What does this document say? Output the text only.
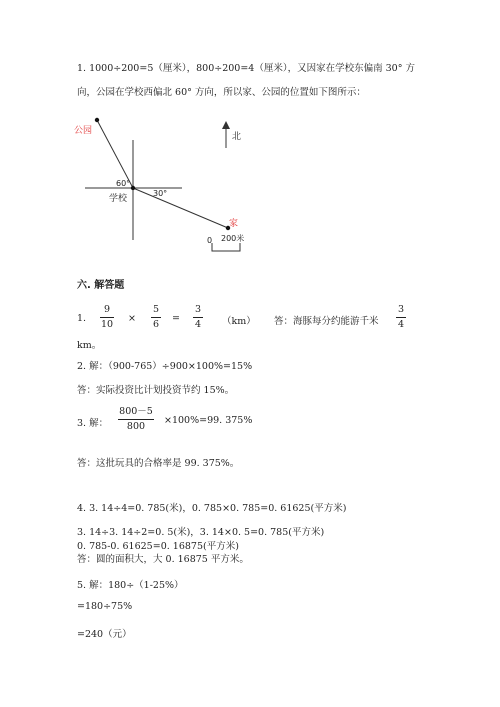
1. 1000÷200=5（厘米），800÷200=4（厘米），又因家在学校东偏南 30° 方
向，公园在学校西偏北 60° 方向，所以家、公园的位置如下图所示：
公园
北
60°
30°
学校
家
0 200米
六. 解答题
1.
9
10
×
5
6
=
3
4 （km） 答：海豚每分约能游千米
3
4
km。
2. 解：（900-765）÷900×100%=15%
答：实际投资比计划投资节约 15%。
3. 解：
800－5
800
×100%=99. 375%
答：这批玩具的合格率是 99. 375%。
4. 3. 14÷4=0. 785(米)，0. 785×0. 785=0. 61625(平方米)
3. 14÷3. 14÷2=0. 5(米)，3. 14×0. 5=0. 785(平方米)
0. 785-0. 61625=0. 16875(平方米)
答：圆的面积大，大 0. 16875 平方米。
5. 解：180÷（1-25%）
=180÷75%
=240（元）
